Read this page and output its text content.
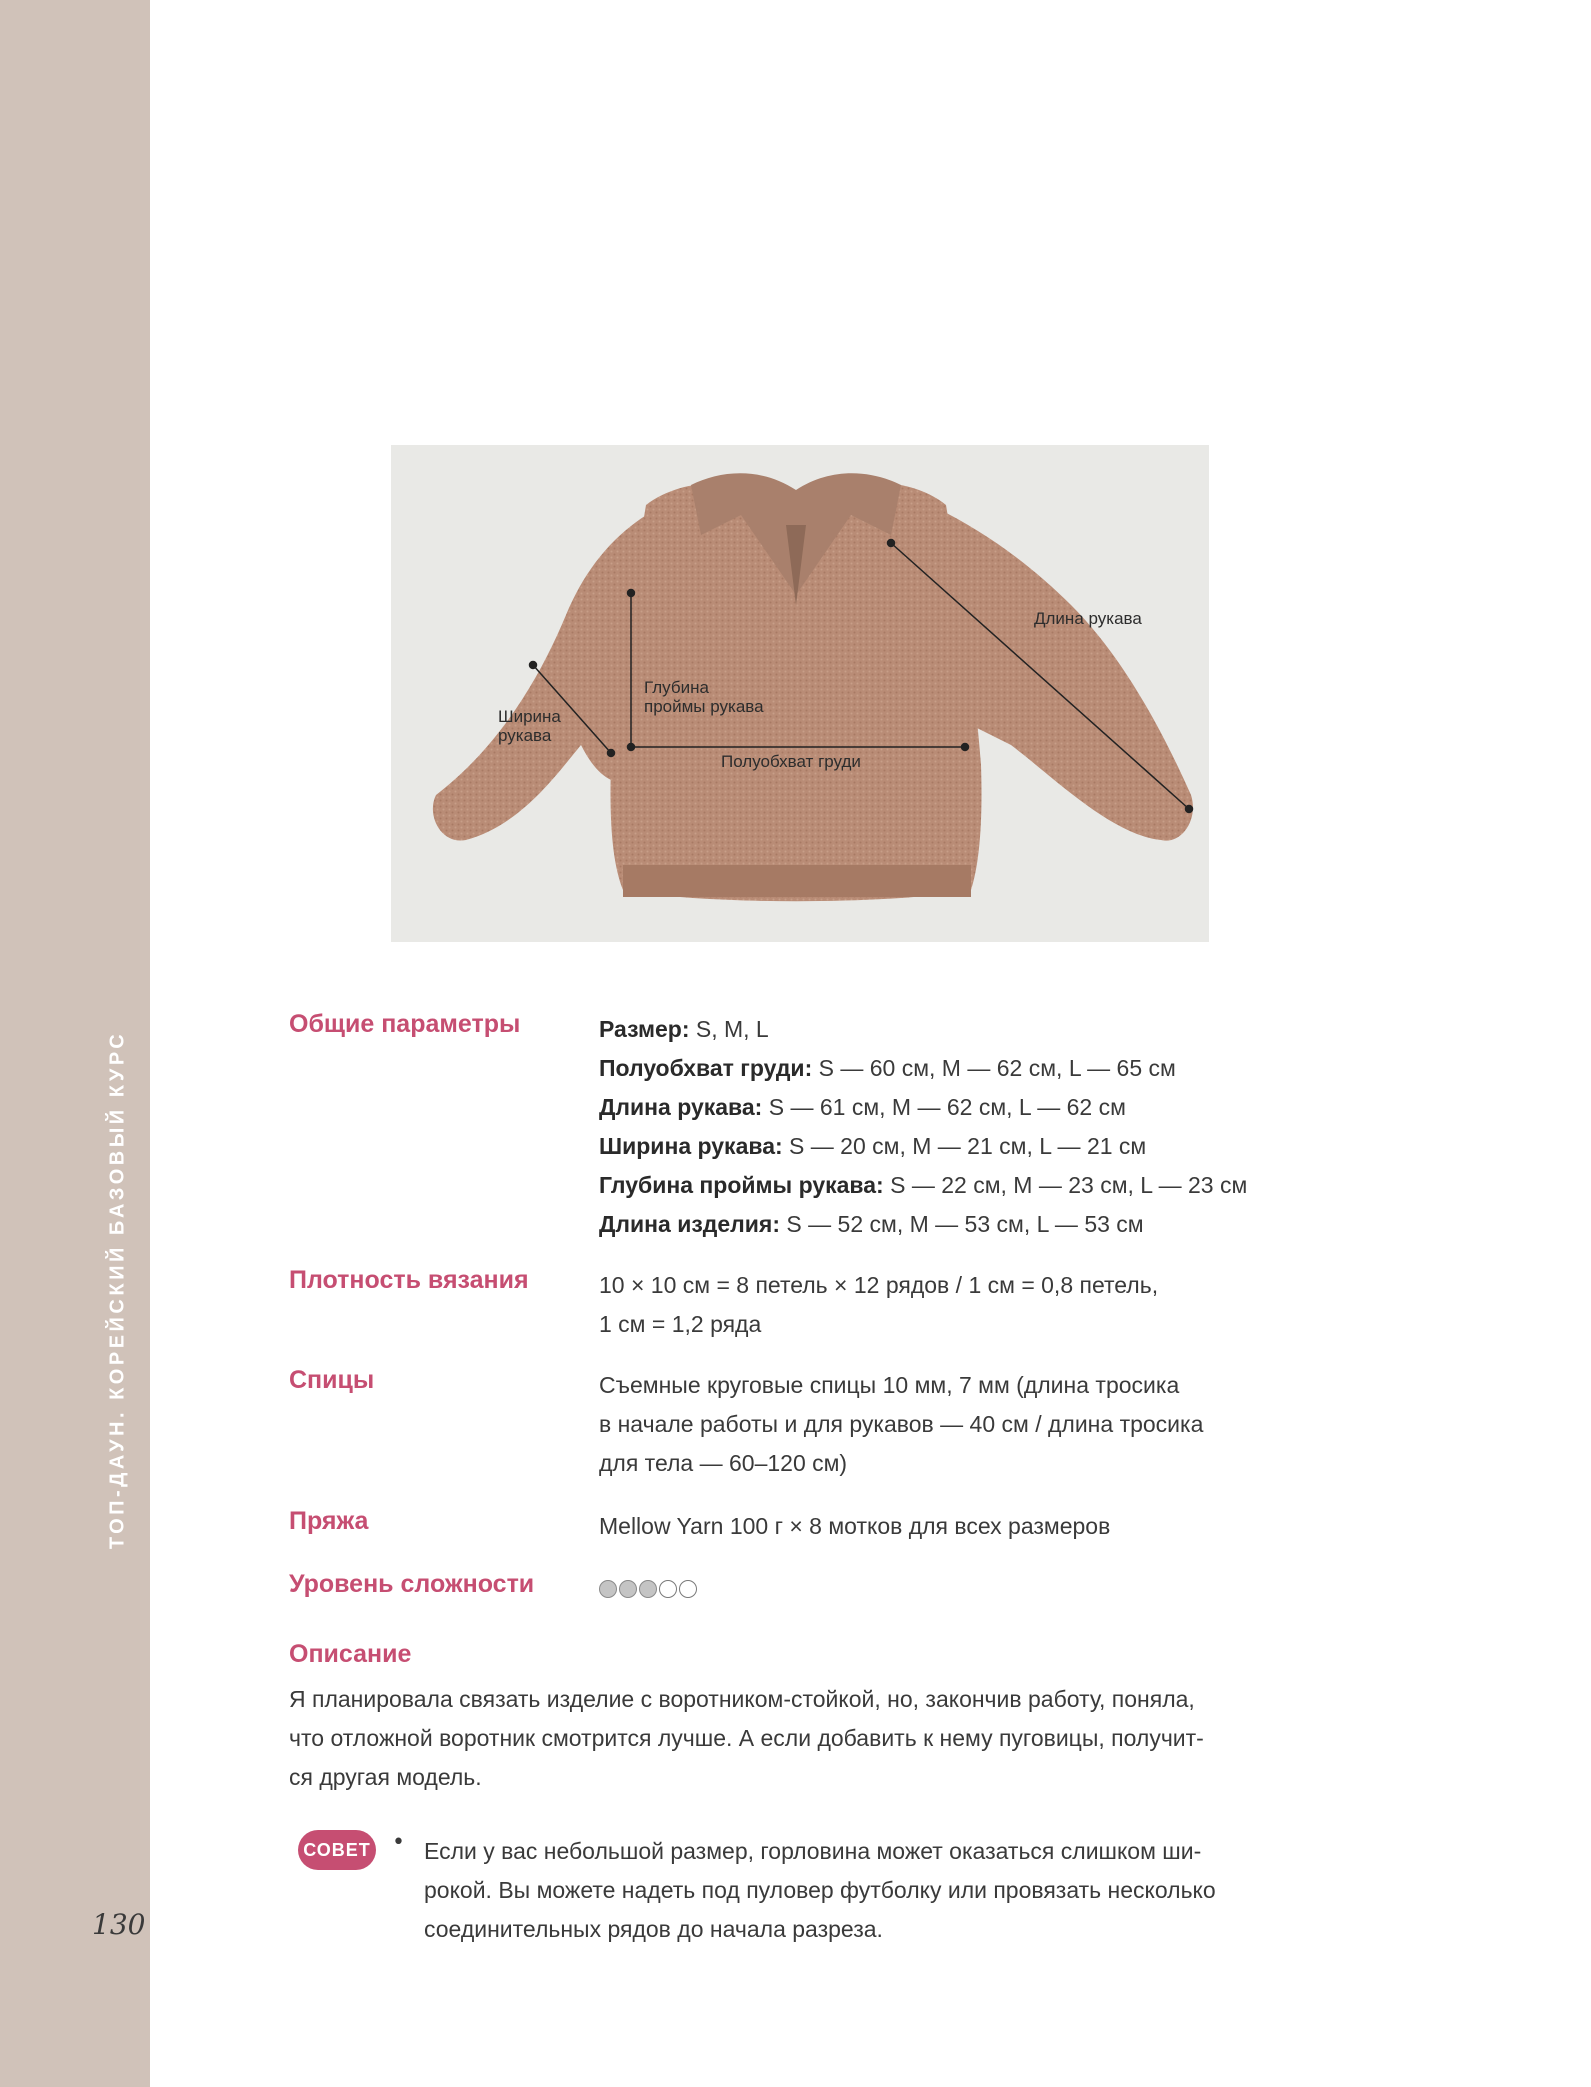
ТОП-ДАУН. КОРЕЙСКИЙ БАЗОВЫЙ КУРС
130
Длина рукава
Глубина
проймы рукава
Ширина
рукава
Полуобхват груди
Общие параметры	Размер: S, M, L
Полуобхват груди: S — 60 см, M — 62 см, L — 65 см
Длина рукава: S — 61 см, M — 62 см, L — 62 см
Ширина рукава: S — 20 см, M — 21 см, L — 21 см
Глубина проймы рукава: S — 22 см, M — 23 см, L — 23 см
Длина изделия: S — 52 см, M — 53 см, L — 53 см
Плотность вязания	10 × 10 см = 8 петель × 12 рядов / 1 см = 0,8 петель,
1 см = 1,2 ряда
Спицы	Съемные круговые спицы 10 мм, 7 мм (длина тросика
в начале работы и для рукавов — 40 см / длина тросика
для тела — 60–120 см)
Пряжа	Mellow Yarn 100 г × 8 мотков для всех размеров
Уровень сложности
Описание
Я планировала связать изделие с воротником-стойкой, но, закончив работу, поняла,
что отложной воротник смотрится лучше. А если добавить к нему пуговицы, получит-
ся другая модель.
СОВЕТ • Если у вас небольшой размер, горловина может оказаться слишком ши-
рокой. Вы можете надеть под пуловер футболку или провязать несколько
соединительных рядов до начала разреза.
